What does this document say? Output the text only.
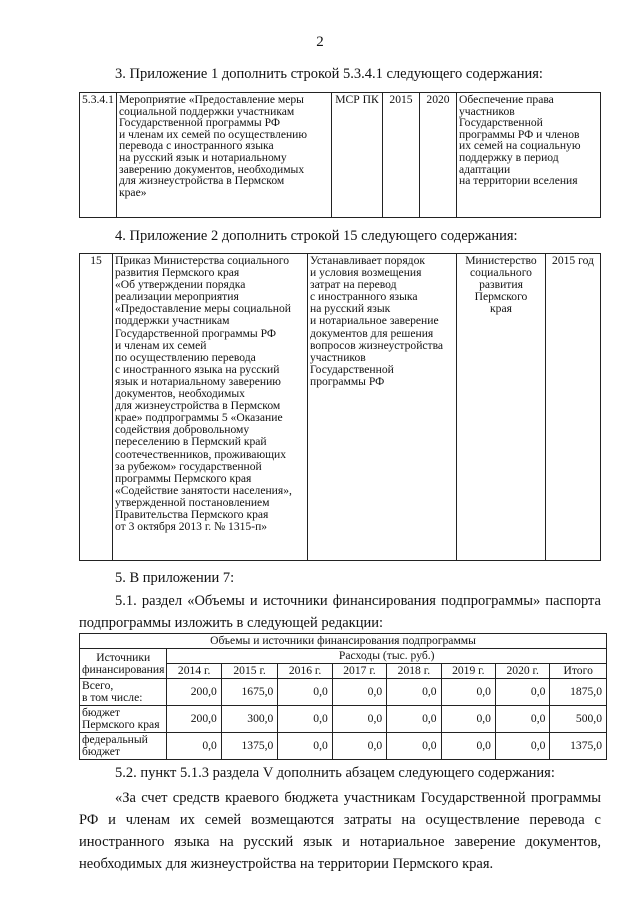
2
3. Приложение 1 дополнить строкой 5.3.4.1 следующего содержания:
5.3.4.1	Мероприятие «Предоставление меры
социальной поддержки участникам
Государственной программы РФ
и членам их семей по осуществлению
перевода с иностранного языка
на русский язык и нотариальному
заверению документов, необходимых
для жизнеустройства в Пермском
крае»	МСР ПК	2015	2020	Обеспечение права
участников
Государственной
программы РФ и членов
их семей на социальную
поддержку в период
адаптации
на территории вселения
4. Приложение 2 дополнить строкой 15 следующего содержания:
15	Приказ Министерства социального
развития Пермского края
«Об утверждении порядка
реализации мероприятия
«Предоставление меры социальной
поддержки участникам
Государственной программы РФ
и членам их семей
по осуществлению перевода
с иностранного языка на русский
язык и нотариальному заверению
документов, необходимых
для жизнеустройства в Пермском
крае» подпрограммы 5 «Оказание
содействия добровольному
переселению в Пермский край
соотечественников, проживающих
за рубежом» государственной
программы Пермского края
«Содействие занятости населения»,
утвержденной постановлением
Правительства Пермского края
от 3 октября 2013 г. № 1315-п»	Устанавливает порядок
и условия возмещения
затрат на перевод
с иностранного языка
на русский язык
и нотариальное заверение
документов для решения
вопросов жизнеустройства
участников
Государственной
программы РФ	Министерство
социального
развития
Пермского
края	2015 год
5. В приложении 7:
5.1. раздел «Объемы и источники финансирования подпрограммы» паспорта подпрограммы изложить в следующей редакции:
Объемы и источники финансирования подпрограммы								
Источники
финансирования	Расходы (тыс. руб.)							
	2014 г.	2015 г.	2016 г.	2017 г.	2018 г.	2019 г.	2020 г.	Итого
Всего,
в том числе:	200,0	1675,0	0,0	0,0	0,0	0,0	0,0	1875,0
бюджет
Пермского края	200,0	300,0	0,0	0,0	0,0	0,0	0,0	500,0
федеральный
бюджет	0,0	1375,0	0,0	0,0	0,0	0,0	0,0	1375,0
5.2. пункт 5.1.3 раздела V дополнить абзацем следующего содержания:
«За счет средств краевого бюджета участникам Государственной программы РФ и членам их семей возмещаются затраты на осуществление перевода с иностранного языка на русский язык и нотариальное заверение документов, необходимых для жизнеустройства на территории Пермского края.
